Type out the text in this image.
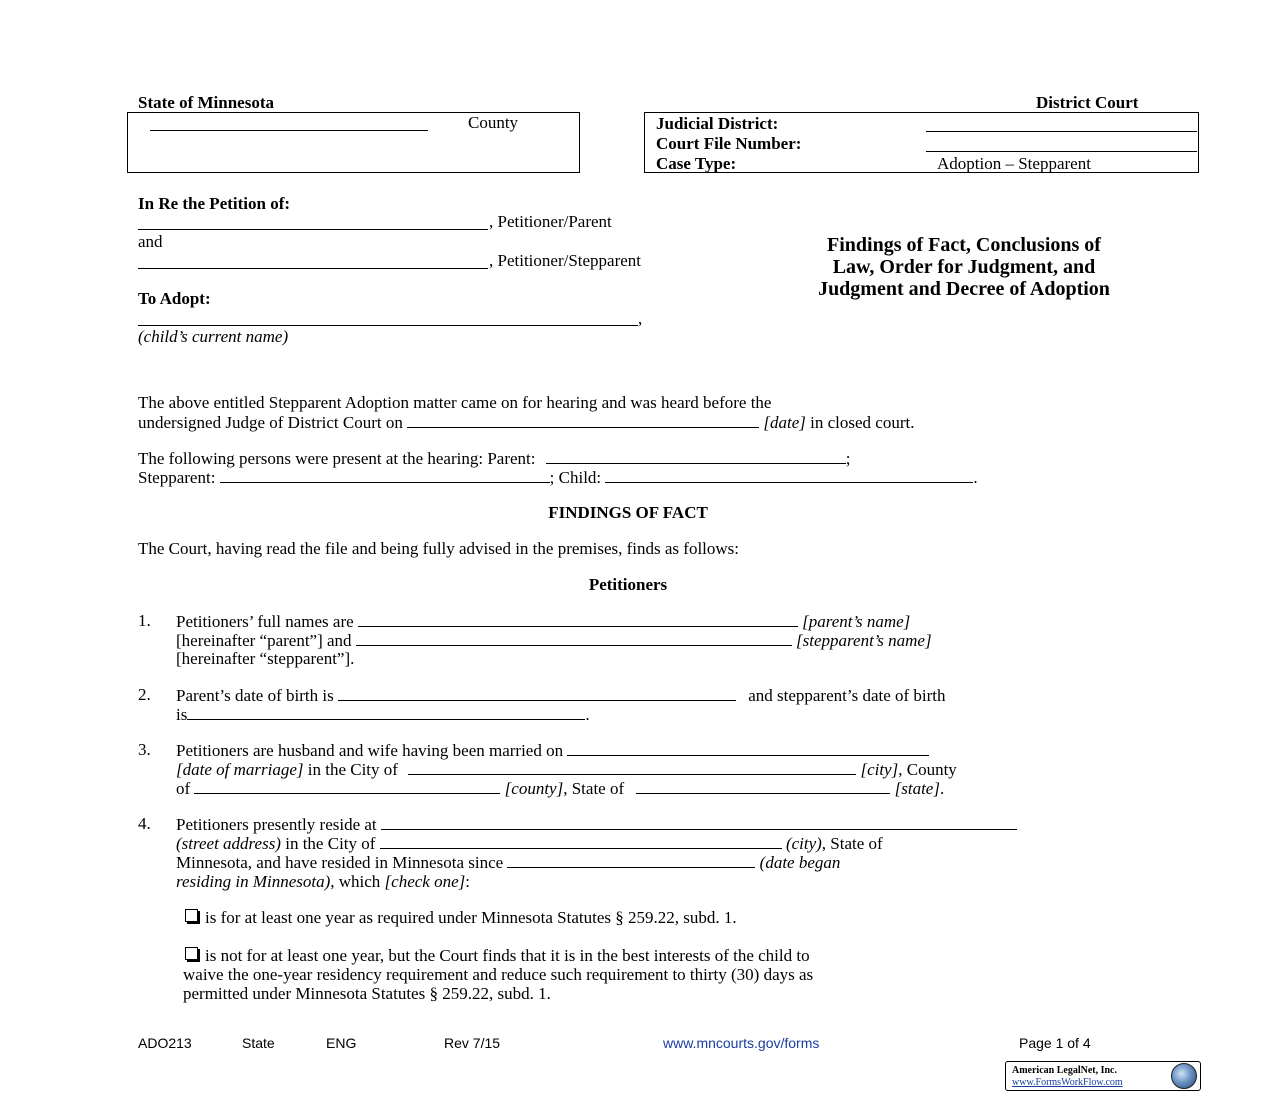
State of Minnesota	District Court
County	Judicial District:
Court File Number:
Case Type:	Adoption – Stepparent
In Re the Petition of:
, Petitioner/Parent
and
, Petitioner/Stepparent
To Adopt:
,
(child’s current name)
Findings of Fact, Conclusions of
Law, Order for Judgment, and
Judgment and Decree of Adoption
The above entitled Stepparent Adoption matter came on for hearing and was heard before the
undersigned Judge of District Court on	[date] in closed court.
The following persons were present at the hearing: Parent:	;
Stepparent:	; Child:	.
FINDINGS OF FACT
The Court, having read the file and being fully advised in the premises, finds as follows:
Petitioners
1. Petitioners’ full names are	[parent’s name]
[hereinafter “parent”] and	[stepparent’s name]
[hereinafter “stepparent”].
2. Parent’s date of birth is	and stepparent’s date of birth
is	.
3. Petitioners are husband and wife having been married on
[date of marriage] in the City of	[city], County
of	[county], State of	[state].
4. Petitioners presently reside at
(street address) in the City of	(city), State of
Minnesota, and have resided in Minnesota since	(date began
residing in Minnesota), which [check one]:
is for at least one year as required under Minnesota Statutes § 259.22, subd. 1.
is not for at least one year, but the Court finds that it is in the best interests of the child to
waive the one-year residency requirement and reduce such requirement to thirty (30) days as
permitted under Minnesota Statutes § 259.22, subd. 1.
ADO213	State	ENG	Rev 7/15	www.mncourts.gov/forms	Page 1 of 4
American LegalNet, Inc.
www.FormsWorkFlow.com
